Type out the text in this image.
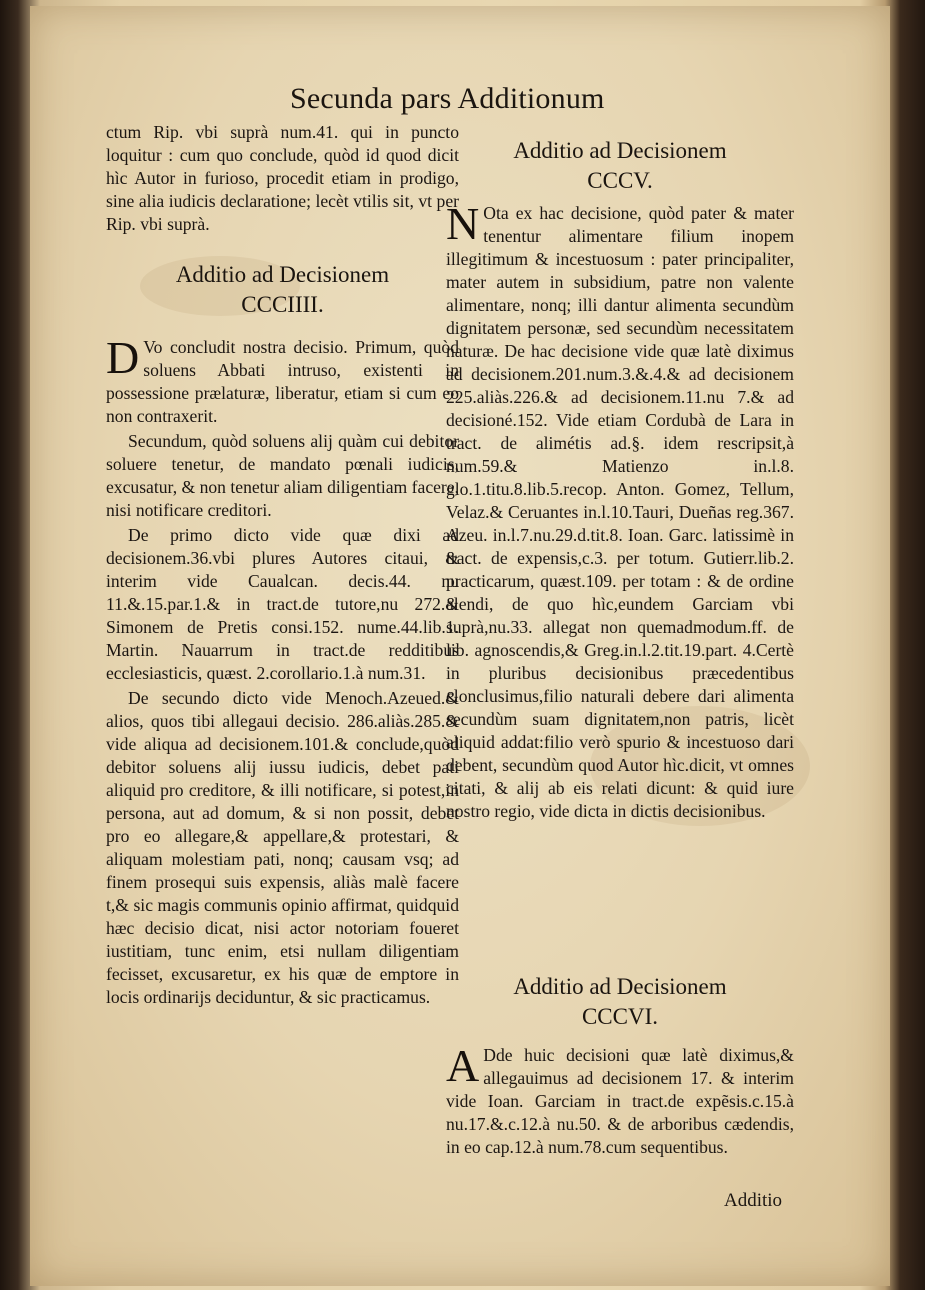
Secunda pars Additionum

ctum Rip. vbi suprà num.41. qui in puncto loquitur : cum quo conclude, quòd id quod dicit hìc Autor in furioso, procedit etiam in prodigo, sine alia iudicis declaratione; lecèt vtilis sit, vt per Rip. vbi suprà.

Additio ad Decisionem
CCCIIII.

D Vo concludit nostra decisio. Primum, quòd soluens Abbati intruso, existenti in possessione prælaturæ, liberatur, etiam si cum eo non contraxerit.

Secundum, quòd soluens alij quàm cui debitor soluere tenetur, de mandato pœnali iudicis, excusatur, & non tenetur aliam diligentiam facere, nisi notificare creditori.

De primo dicto vide quæ dixi ad decisionem.36.vbi plures Autores citaui, & interim vide Caualcan. decis.44. nu 11.&.15.par.1.& in tract.de tutore,nu 272.& Simonem de Pretis consi.152. nume.44.lib.1. Martin. Nauarrum in tract.de redditibus ecclesiasticis, quæst. 2.corollario.1.à num.31.

De secundo dicto vide Menoch.Azeued.& alios, quos tibi allegaui decisio. 286.aliàs.285.& vide aliqua ad decisionem.101.& conclude,quòd debitor soluens alij iussu iudicis, debet pati aliquid pro creditore, & illi notificare, si potest,in persona, aut ad domum, & si non possit, debet pro eo allegare,& appellare,& protestari, & aliquam molestiam pati, nonq; causam vsq; ad finem prosequi suis expensis, aliàs malè facere t,& sic magis communis opinio affirmat, quidquid hæc decisio dicat, nisi actor notoriam foueret iustitiam, tunc enim, etsi nullam diligentiam fecisset, excusaretur, ex his quæ de emptore in locis ordinarijs deciduntur, & sic practicamus.

Additio ad Decisionem
CCCV.

N Ota ex hac decisione, quòd pater & mater tenentur alimentare filium inopem illegitimum & incestuosum : pater principaliter, mater autem in subsidium, patre non valente alimentare, nonq; illi dantur alimenta secundùm dignitatem personæ, sed secundùm necessitatem naturæ. De hac decisione vide quæ latè diximus ad decisionem.201.num.3.&.4.& ad decisionem 225.aliàs.226.& ad decisionem.11.nu 7.& ad decisioné.152. Vide etiam Cordubà de Lara in tract. de alimétis ad.§. idem rescripsit,à num.59.& Matienzo in.l.8. glo.1.titu.8.lib.5.recop. Anton. Gomez, Tellum, Velaz.& Ceruantes in.l.10.Tauri, Dueñas reg.367. Azeu. in.l.7.nu.29.d.tit.8. Ioan. Garc. latissimè in tract. de expensis,c.3. per totum. Gutierr.lib.2. practicarum, quæst.109. per totam : & de ordine alendi, de quo hìc,eundem Garciam vbi suprà,nu.33. allegat non quemadmodum.ff. de lib. agnoscendis,& Greg.in.l.2.tit.19.part. 4.Certè in pluribus decisionibus præcedentibus clonclusimus,filio naturali debere dari alimenta secundùm suam dignitatem,non patris, licèt aliquid addat:filio verò spurio & incestuoso dari debent, secundùm quod Autor hìc.dicit, vt omnes citati, & alij ab eis relati dicunt: & quid iure nostro regio, vide dicta in dictis decisionibus.

Additio ad Decisionem
CCCVI.

A Dde huic decisioni quæ latè diximus,& allegauimus ad decisionem 17. & interim vide Ioan. Garciam in tract.de expẽsis.c.15.à nu.17.&.c.12.à nu.50. & de arboribus cædendis, in eo cap.12.à num.78.cum sequentibus.

Additio
